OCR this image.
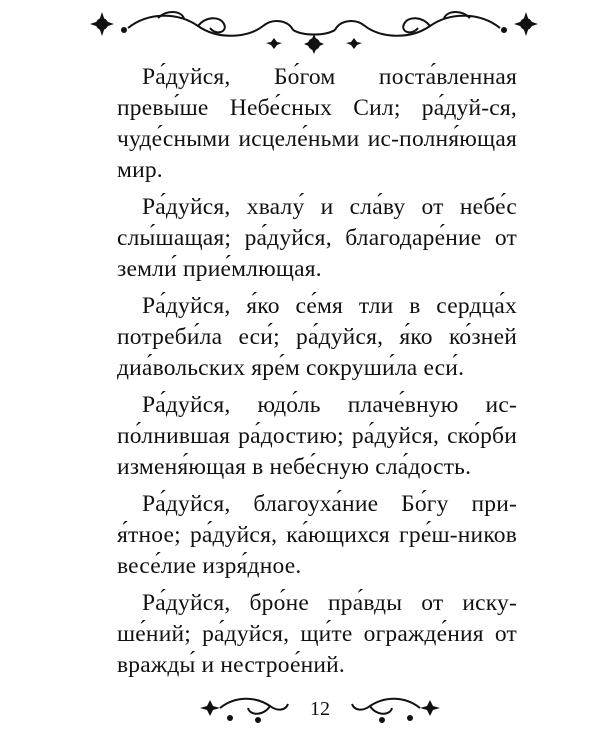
Ра́дуйся, Бо́гом поста́вленная превы́ше Небе́сных Сил; ра́дуй-ся, чуде́сными исцеле́ньми ис-полня́ющая мир.

Ра́дуйся, хвалу́ и сла́ву от небе́с слы́шащая; ра́дуйся, благодаре́ние от земли́ прие́млющая.

Ра́дуйся, я́ко се́мя тли в сердца́х потреби́ла еси́; ра́дуйся, я́ко ко́зней диа́вольских яре́м сокруши́ла еси́.

Ра́дуйся, юдо́ль плаче́вную ис-по́лнившая ра́достию; ра́дуйся, ско́рби изменя́ющая в небе́сную сла́дость.

Ра́дуйся, благоуха́ние Бо́гу при-я́тное; ра́дуйся, ка́ющихся гре́ш-ников весе́лие изря́дное.

Ра́дуйся, бро́не пра́вды от иску-ше́ний; ра́дуйся, щи́те огражде́ния от вражды́ и нестрое́ний.

12
